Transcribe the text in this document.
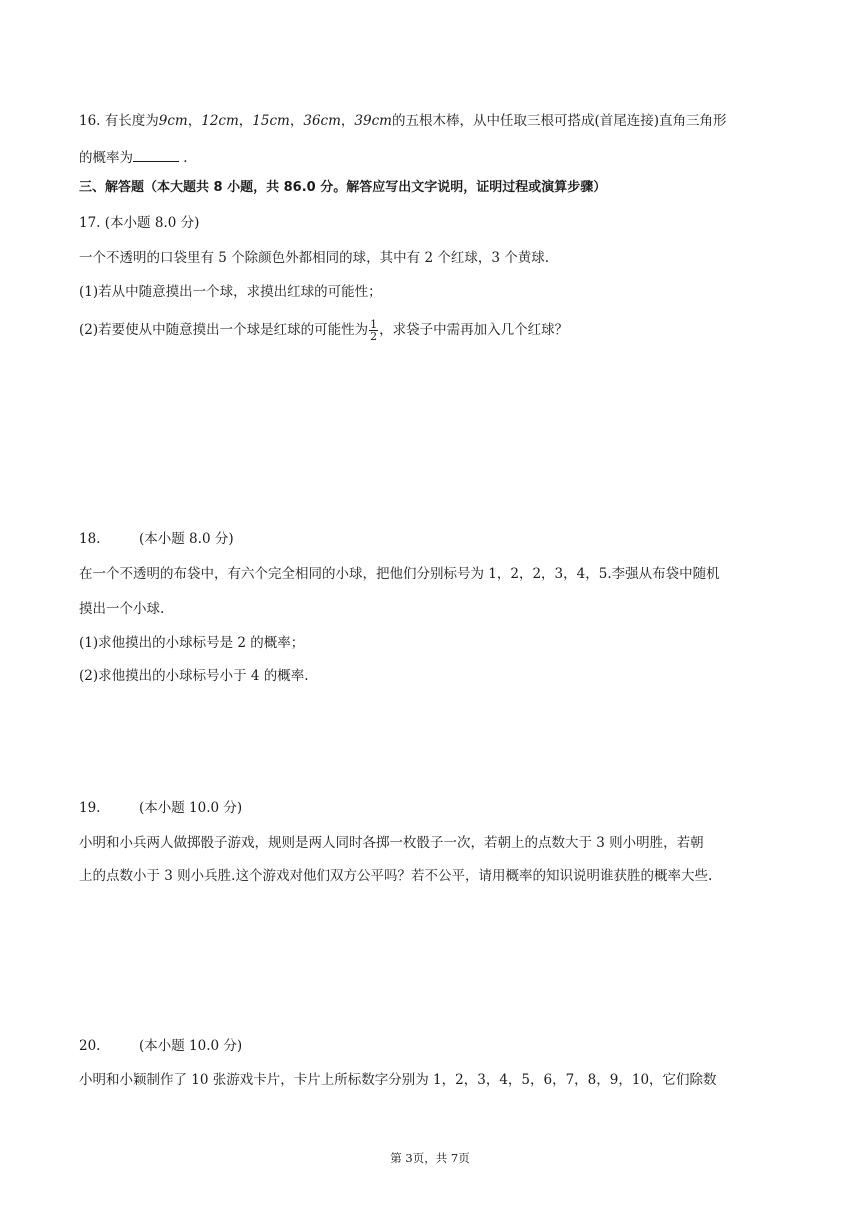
16. 有长度为9cm，12cm，15cm，36cm，39cm的五根木棒，从中任取三根可搭成(首尾连接)直角三角形
的概率为	.
三、解答题（本大题共 8 小题，共 86.0 分。解答应写出文字说明，证明过程或演算步骤）
17. (本小题 8.0 分)
一个不透明的口袋里有 5 个除颜色外都相同的球，其中有 2 个红球，3 个黄球.
(1)若从中随意摸出一个球，求摸出红球的可能性；
(2)若要使从中随意摸出一个球是红球的可能性为 $\frac{1}{2}$ ，求袋子中需再加入几个红球？
18.	(本小题 8.0 分)
在一个不透明的布袋中，有六个完全相同的小球，把他们分别标号为 1，2，2，3，4，5.李强从布袋中随机
摸出一个小球.
(1)求他摸出的小球标号是 2 的概率；
(2)求他摸出的小球标号小于 4 的概率.
19.	(本小题 10.0 分)
小明和小兵两人做掷骰子游戏，规则是两人同时各掷一枚骰子一次，若朝上的点数大于 3 则小明胜，若朝
上的点数小于 3 则小兵胜.这个游戏对他们双方公平吗？若不公平，请用概率的知识说明谁获胜的概率大些.
20.	(本小题 10.0 分)
小明和小颖制作了 10 张游戏卡片，卡片上所标数字分别为 1，2，3，4，5，6，7，8，9，10，它们除数
第 3页，共 7页
